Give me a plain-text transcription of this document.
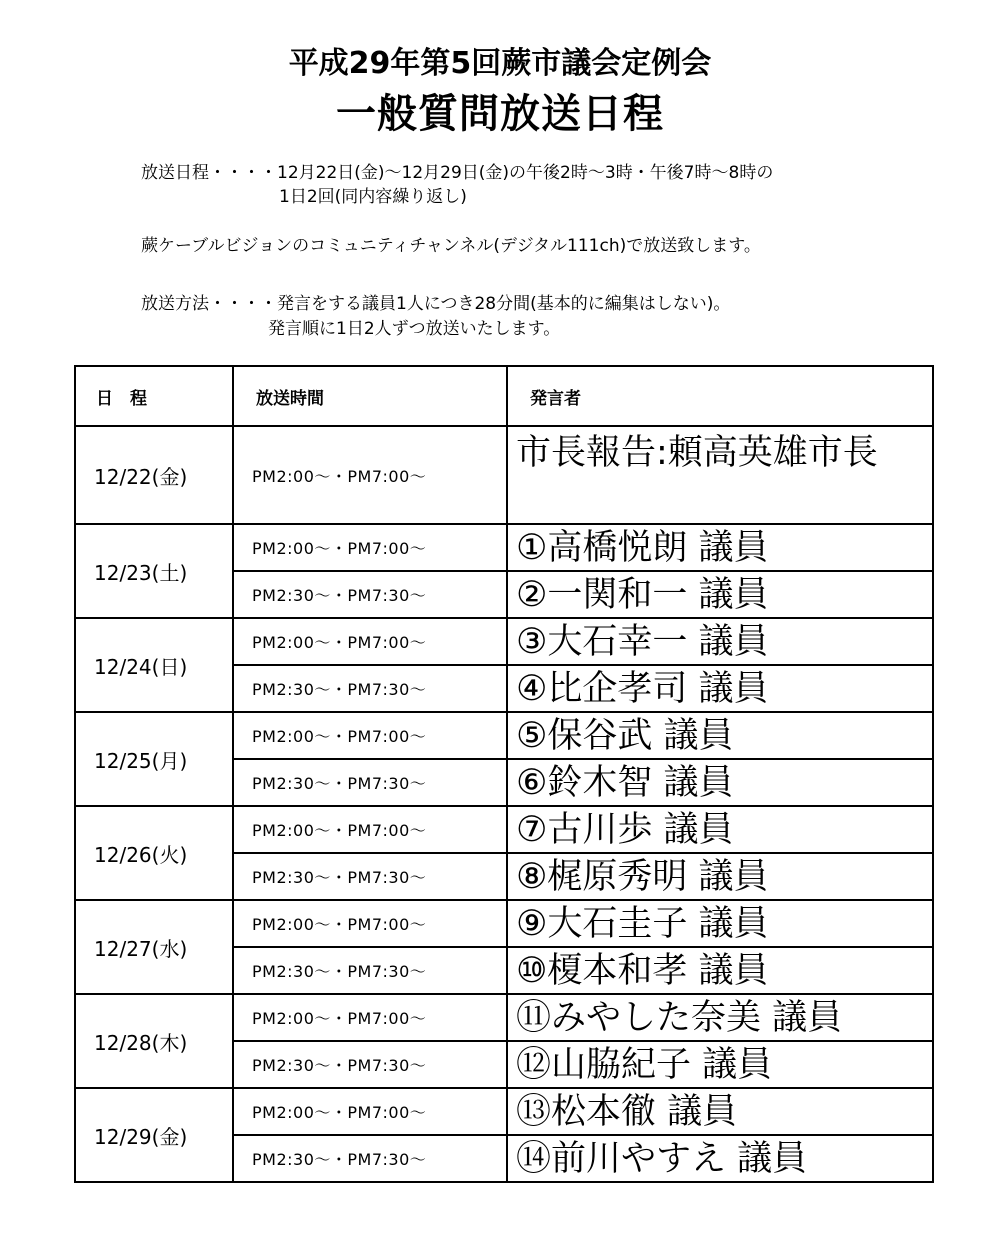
平成29年第5回蕨市議会定例会
一般質問放送日程
放送日程・・・・12月22日(金)～12月29日(金)の午後2時～3時・午後7時～8時の
1日2回(同内容繰り返し)
蕨ケーブルビジョンのコミュニティチャンネル(デジタル111ch)で放送致します。
放送方法・・・・発言をする議員1人につき28分間(基本的に編集はしない)。
発言順に1日2人ずつ放送いたします。
日　程	放送時間	発言者
12/22(金)	PM2:00～・PM7:00～	市長報告:頼高英雄市長
12/23(土)	PM2:00～・PM7:00～	①高橋悦朗 議員
	PM2:30～・PM7:30～	②一関和一 議員
12/24(日)	PM2:00～・PM7:00～	③大石幸一 議員
	PM2:30～・PM7:30～	④比企孝司 議員
12/25(月)	PM2:00～・PM7:00～	⑤保谷武 議員
	PM2:30～・PM7:30～	⑥鈴木智 議員
12/26(火)	PM2:00～・PM7:00～	⑦古川歩 議員
	PM2:30～・PM7:30～	⑧梶原秀明 議員
12/27(水)	PM2:00～・PM7:00～	⑨大石圭子 議員
	PM2:30～・PM7:30～	⑩榎本和孝 議員
12/28(木)	PM2:00～・PM7:00～	⑪みやした奈美 議員
	PM2:30～・PM7:30～	⑫山脇紀子 議員
12/29(金)	PM2:00～・PM7:00～	⑬松本徹 議員
	PM2:30～・PM7:30～	⑭前川やすえ 議員
